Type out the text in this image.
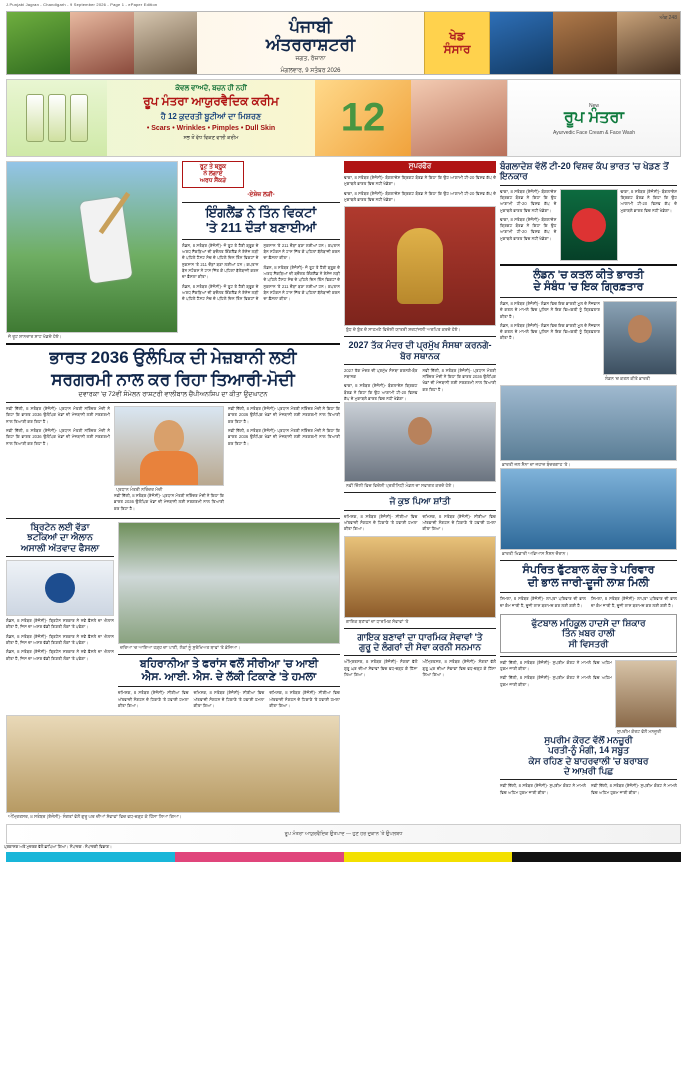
J.Punjabi Jagran - Chandigarh - 9 September 2026 - Page 1 - ePaper Edition
ਪੰਜਾਬੀ
ਅੰਤਰਰਾਸ਼ਟਰੀ
ਜਗਤ, ਰੋਜ਼ਾਨਾ
ਮੰਗਲਵਾਰ, 9 ਸਤੰਬਰ 2026
ਖੇਡ
ਸੰਸਾਰ
ਅੰਕ 248
ਕੇਵਲ ਵਾਅਦੇ, ਬਚਨ ਹੀ ਨਹੀਂ
ਰੂਪ ਮੰਤਰਾ ਆਯੁਰਵੈਦਿਕ ਕਰੀਮ
ਹੈ 12 ਕੁਦਰਤੀ ਬੂਟੀਆਂ ਦਾ ਮਿਸ਼ਰਣ
• Scars • Wrinkles • Pimples • Dull Skin
ਸਭ ਤੋਂ ਵੱਧ ਵਿਕਣ ਵਾਲੀ ਕਰੀਮ	12	New
ਰੂਪ ਮੰਤਰਾ
Ayurvedic Face Cream & Face Wash
ਜੋ ਰੂਟ ਸ਼ਾਨਦਾਰ ਸ਼ਾਟ ਖੇਡਦੇ ਹੋਏ।
ਰੂਟ ਤੇ ਬ੍ਰੂਕ
ਨੇ ਲਗਾਏ
ਅਰਧ ਸੈਂਕੜੇ
-ਏਸ਼ੇਜ਼ ਲੜੀ-
ਇੰਗਲੈਂਡ ਨੇ ਤਿੰਨ ਵਿਕਟਾਂ
'ਤੇ 211 ਦੌੜਾਂ ਬਣਾਈਆਂ

ਲੰਡਨ, 8 ਸਤੰਬਰ (ਏਜੰਸੀ)- ਜੋ ਰੂਟ ਤੇ ਹੈਰੀ ਬ੍ਰੂਕ ਦੇ ਅਰਧ ਸੈਂਕੜਿਆਂ ਦੀ ਬਦੌਲਤ ਇੰਗਲੈਂਡ ਨੇ ਏਸ਼ੇਜ਼ ਲੜੀ ਦੇ ਪਹਿਲੇ ਟੈਸਟ ਮੈਚ ਦੇ ਪਹਿਲੇ ਦਿਨ ਤਿੰਨ ਵਿਕਟਾਂ ਦੇ ਨੁਕਸਾਨ 'ਤੇ 211 ਦੌੜਾਂ ਬਣਾ ਲਈਆਂ ਹਨ। ਕਪਤਾਨ ਬੇਨ ਸਟੋਕਸ ਨੇ ਟਾਸ ਜਿੱਤ ਕੇ ਪਹਿਲਾਂ ਬੱਲੇਬਾਜ਼ੀ ਕਰਨ ਦਾ ਫ਼ੈਸਲਾ ਕੀਤਾ।

ਲੰਡਨ, 8 ਸਤੰਬਰ (ਏਜੰਸੀ)- ਜੋ ਰੂਟ ਤੇ ਹੈਰੀ ਬ੍ਰੂਕ ਦੇ ਅਰਧ ਸੈਂਕੜਿਆਂ ਦੀ ਬਦੌਲਤ ਇੰਗਲੈਂਡ ਨੇ ਏਸ਼ੇਜ਼ ਲੜੀ ਦੇ ਪਹਿਲੇ ਟੈਸਟ ਮੈਚ ਦੇ ਪਹਿਲੇ ਦਿਨ ਤਿੰਨ ਵਿਕਟਾਂ ਦੇ ਨੁਕਸਾਨ 'ਤੇ 211 ਦੌੜਾਂ ਬਣਾ ਲਈਆਂ ਹਨ। ਕਪਤਾਨ ਬੇਨ ਸਟੋਕਸ ਨੇ ਟਾਸ ਜਿੱਤ ਕੇ ਪਹਿਲਾਂ ਬੱਲੇਬਾਜ਼ੀ ਕਰਨ ਦਾ ਫ਼ੈਸਲਾ ਕੀਤਾ।

ਲੰਡਨ, 8 ਸਤੰਬਰ (ਏਜੰਸੀ)- ਜੋ ਰੂਟ ਤੇ ਹੈਰੀ ਬ੍ਰੂਕ ਦੇ ਅਰਧ ਸੈਂਕੜਿਆਂ ਦੀ ਬਦੌਲਤ ਇੰਗਲੈਂਡ ਨੇ ਏਸ਼ੇਜ਼ ਲੜੀ ਦੇ ਪਹਿਲੇ ਟੈਸਟ ਮੈਚ ਦੇ ਪਹਿਲੇ ਦਿਨ ਤਿੰਨ ਵਿਕਟਾਂ ਦੇ ਨੁਕਸਾਨ 'ਤੇ 211 ਦੌੜਾਂ ਬਣਾ ਲਈਆਂ ਹਨ। ਕਪਤਾਨ ਬੇਨ ਸਟੋਕਸ ਨੇ ਟਾਸ ਜਿੱਤ ਕੇ ਪਹਿਲਾਂ ਬੱਲੇਬਾਜ਼ੀ ਕਰਨ ਦਾ ਫ਼ੈਸਲਾ ਕੀਤਾ।

ਭਾਰਤ 2036 ਉਲੰਪਿਕ ਦੀ ਮੇਜ਼ਬਾਨੀ ਲਈ
ਸਰਗਰਮੀ ਨਾਲ ਕਰ ਰਿਹਾ ਤਿਆਰੀ-ਮੋਦੀ
ਦਵਾਰਕਾ 'ਚ 72ਵੀਂ ਸੰਮੇਲਨ ਰਾਸ਼ਟਰੀ ਵਾਲੀਬਾਲ ਚੈਂਪੀਅਨਸ਼ਿਪ ਦਾ ਕੀਤਾ ਉਦਘਾਟਨ

ਨਵੀਂ ਦਿੱਲੀ, 8 ਸਤੰਬਰ (ਏਜੰਸੀ)- ਪ੍ਰਧਾਨ ਮੰਤਰੀ ਨਰਿੰਦਰ ਮੋਦੀ ਨੇ ਕਿਹਾ ਕਿ ਭਾਰਤ 2036 ਉਲੰਪਿਕ ਖੇਡਾਂ ਦੀ ਮੇਜ਼ਬਾਨੀ ਲਈ ਸਰਗਰਮੀ ਨਾਲ ਤਿਆਰੀ ਕਰ ਰਿਹਾ ਹੈ।

ਨਵੀਂ ਦਿੱਲੀ, 8 ਸਤੰਬਰ (ਏਜੰਸੀ)- ਪ੍ਰਧਾਨ ਮੰਤਰੀ ਨਰਿੰਦਰ ਮੋਦੀ ਨੇ ਕਿਹਾ ਕਿ ਭਾਰਤ 2036 ਉਲੰਪਿਕ ਖੇਡਾਂ ਦੀ ਮੇਜ਼ਬਾਨੀ ਲਈ ਸਰਗਰਮੀ ਨਾਲ ਤਿਆਰੀ ਕਰ ਰਿਹਾ ਹੈ।

ਪ੍ਰਧਾਨ ਮੰਤਰੀ ਨਰਿੰਦਰ ਮੋਦੀ

ਨਵੀਂ ਦਿੱਲੀ, 8 ਸਤੰਬਰ (ਏਜੰਸੀ)- ਪ੍ਰਧਾਨ ਮੰਤਰੀ ਨਰਿੰਦਰ ਮੋਦੀ ਨੇ ਕਿਹਾ ਕਿ ਭਾਰਤ 2036 ਉਲੰਪਿਕ ਖੇਡਾਂ ਦੀ ਮੇਜ਼ਬਾਨੀ ਲਈ ਸਰਗਰਮੀ ਨਾਲ ਤਿਆਰੀ ਕਰ ਰਿਹਾ ਹੈ।

ਨਵੀਂ ਦਿੱਲੀ, 8 ਸਤੰਬਰ (ਏਜੰਸੀ)- ਪ੍ਰਧਾਨ ਮੰਤਰੀ ਨਰਿੰਦਰ ਮੋਦੀ ਨੇ ਕਿਹਾ ਕਿ ਭਾਰਤ 2036 ਉਲੰਪਿਕ ਖੇਡਾਂ ਦੀ ਮੇਜ਼ਬਾਨੀ ਲਈ ਸਰਗਰਮੀ ਨਾਲ ਤਿਆਰੀ ਕਰ ਰਿਹਾ ਹੈ।

ਨਵੀਂ ਦਿੱਲੀ, 8 ਸਤੰਬਰ (ਏਜੰਸੀ)- ਪ੍ਰਧਾਨ ਮੰਤਰੀ ਨਰਿੰਦਰ ਮੋਦੀ ਨੇ ਕਿਹਾ ਕਿ ਭਾਰਤ 2036 ਉਲੰਪਿਕ ਖੇਡਾਂ ਦੀ ਮੇਜ਼ਬਾਨੀ ਲਈ ਸਰਗਰਮੀ ਨਾਲ ਤਿਆਰੀ ਕਰ ਰਿਹਾ ਹੈ।

ਬ੍ਰਿਟੇਨ ਲਈ ਵੱਡਾ
ਝਟਕਿਆਂ ਦਾ ਐਲਾਨ
ਅਸਾਲੀ ਅੱਤਵਾਦ ਫੈਸਲਾ

ਲੰਡਨ, 8 ਸਤੰਬਰ (ਏਜੰਸੀ)- ਬ੍ਰਿਟੇਨ ਸਰਕਾਰ ਨੇ ਨਵੇਂ ਫ਼ੈਸਲੇ ਦਾ ਐਲਾਨ ਕੀਤਾ ਹੈ, ਜਿਸ ਦਾ ਅਸਰ ਵੱਡੀ ਗਿਣਤੀ ਲੋਕਾਂ 'ਤੇ ਪਵੇਗਾ।

ਲੰਡਨ, 8 ਸਤੰਬਰ (ਏਜੰਸੀ)- ਬ੍ਰਿਟੇਨ ਸਰਕਾਰ ਨੇ ਨਵੇਂ ਫ਼ੈਸਲੇ ਦਾ ਐਲਾਨ ਕੀਤਾ ਹੈ, ਜਿਸ ਦਾ ਅਸਰ ਵੱਡੀ ਗਿਣਤੀ ਲੋਕਾਂ 'ਤੇ ਪਵੇਗਾ।

ਲੰਡਨ, 8 ਸਤੰਬਰ (ਏਜੰਸੀ)- ਬ੍ਰਿਟੇਨ ਸਰਕਾਰ ਨੇ ਨਵੇਂ ਫ਼ੈਸਲੇ ਦਾ ਐਲਾਨ ਕੀਤਾ ਹੈ, ਜਿਸ ਦਾ ਅਸਰ ਵੱਡੀ ਗਿਣਤੀ ਲੋਕਾਂ 'ਤੇ ਪਵੇਗਾ।

ਦਰਿਆ 'ਚ ਆਇਆ ਹੜ੍ਹ ਦਾ ਪਾਣੀ, ਲੋਕਾਂ ਨੂੰ ਸੁਰੱਖਿਅਤ ਥਾਵਾਂ 'ਤੇ ਭੇਜਿਆ।
ਬਹਿਰਾਨੀਆ ਤੇ ਫਰਾਂਸ ਵਲੋਂ ਸੀਰੀਆ 'ਚ ਆਈ
ਐਸ. ਆਈ. ਐਸ. ਦੇ ਲੱਕੀ ਟਿਕਾਣੇ 'ਤੇ ਹਮਲਾ

ਦਮਿਸ਼ਕ, 8 ਸਤੰਬਰ (ਏਜੰਸੀ)- ਸੀਰੀਆ ਵਿਚ ਅੱਤਵਾਦੀ ਸੰਗਠਨ ਦੇ ਟਿਕਾਣੇ 'ਤੇ ਹਵਾਈ ਹਮਲਾ ਕੀਤਾ ਗਿਆ।

ਦਮਿਸ਼ਕ, 8 ਸਤੰਬਰ (ਏਜੰਸੀ)- ਸੀਰੀਆ ਵਿਚ ਅੱਤਵਾਦੀ ਸੰਗਠਨ ਦੇ ਟਿਕਾਣੇ 'ਤੇ ਹਵਾਈ ਹਮਲਾ ਕੀਤਾ ਗਿਆ।

ਦਮਿਸ਼ਕ, 8 ਸਤੰਬਰ (ਏਜੰਸੀ)- ਸੀਰੀਆ ਵਿਚ ਅੱਤਵਾਦੀ ਸੰਗਠਨ ਦੇ ਟਿਕਾਣੇ 'ਤੇ ਹਵਾਈ ਹਮਲਾ ਕੀਤਾ ਗਿਆ।

ਅੰਮ੍ਰਿਤਸਰ, 8 ਸਤੰਬਰ (ਏਜੰਸੀ)- ਸੰਗਤਾਂ ਵੱਲੋਂ ਗੁਰੂ ਘਰ ਦੀਆਂ ਸੇਵਾਵਾਂ ਵਿਚ ਵਧ-ਚੜ੍ਹ ਕੇ ਹਿੱਸਾ ਲਿਆ ਗਿਆ।
ਸੁਪਰਫੋਰ

ਢਾਕਾ, 8 ਸਤੰਬਰ (ਏਜੰਸੀ)- ਬੰਗਲਾਦੇਸ਼ ਕ੍ਰਿਕਟ ਬੋਰਡ ਨੇ ਕਿਹਾ ਕਿ ਉਹ ਆਗਾਮੀ ਟੀ-20 ਵਿਸ਼ਵ ਕੱਪ ਦੇ ਮੁਕਾਬਲੇ ਭਾਰਤ ਵਿਚ ਨਹੀਂ ਖੇਡੇਗਾ।

ਢਾਕਾ, 8 ਸਤੰਬਰ (ਏਜੰਸੀ)- ਬੰਗਲਾਦੇਸ਼ ਕ੍ਰਿਕਟ ਬੋਰਡ ਨੇ ਕਿਹਾ ਕਿ ਉਹ ਆਗਾਮੀ ਟੀ-20 ਵਿਸ਼ਵ ਕੱਪ ਦੇ ਮੁਕਾਬਲੇ ਭਾਰਤ ਵਿਚ ਨਹੀਂ ਖੇਡੇਗਾ।

ਬੁੱਧ ਦੇ ਬੁੱਤ ਦੇ ਸਾਹਮਣੇ ਵਿਦੇਸ਼ੀ ਯਾਤਰੀ ਸ਼ਰਧਾਂਜਲੀ ਅਰਪਿਤ ਕਰਦੇ ਹੋਏ।
2027 ਤੱਕ ਮੰਦਰ ਦੀ ਪ੍ਰਮੁੱਖ ਸੰਸਥਾ ਕਰਨਗੇ-ਬੋਰ ਸਥਾਨਕ

2027 ਤੱਕ ਮੰਦਰ ਦੀ ਪ੍ਰਮੁੱਖ ਸੰਸਥਾ ਕਰਨਗੇ-ਬੋਰ ਸਥਾਨਕ

ਢਾਕਾ, 8 ਸਤੰਬਰ (ਏਜੰਸੀ)- ਬੰਗਲਾਦੇਸ਼ ਕ੍ਰਿਕਟ ਬੋਰਡ ਨੇ ਕਿਹਾ ਕਿ ਉਹ ਆਗਾਮੀ ਟੀ-20 ਵਿਸ਼ਵ ਕੱਪ ਦੇ ਮੁਕਾਬਲੇ ਭਾਰਤ ਵਿਚ ਨਹੀਂ ਖੇਡੇਗਾ।

ਨਵੀਂ ਦਿੱਲੀ, 8 ਸਤੰਬਰ (ਏਜੰਸੀ)- ਪ੍ਰਧਾਨ ਮੰਤਰੀ ਨਰਿੰਦਰ ਮੋਦੀ ਨੇ ਕਿਹਾ ਕਿ ਭਾਰਤ 2036 ਉਲੰਪਿਕ ਖੇਡਾਂ ਦੀ ਮੇਜ਼ਬਾਨੀ ਲਈ ਸਰਗਰਮੀ ਨਾਲ ਤਿਆਰੀ ਕਰ ਰਿਹਾ ਹੈ।

ਨਵੀਂ ਦਿੱਲੀ ਵਿਚ ਵਿਦੇਸ਼ੀ ਪ੍ਰਤੀਨਿਧੀ ਮੰਡਲ ਦਾ ਸਵਾਗਤ ਕਰਦੇ ਹੋਏ।
ਜੋ ਕੁਝ ਪਿਆ ਸ਼ਾਂਤੀ

ਦਮਿਸ਼ਕ, 8 ਸਤੰਬਰ (ਏਜੰਸੀ)- ਸੀਰੀਆ ਵਿਚ ਅੱਤਵਾਦੀ ਸੰਗਠਨ ਦੇ ਟਿਕਾਣੇ 'ਤੇ ਹਵਾਈ ਹਮਲਾ ਕੀਤਾ ਗਿਆ।

ਦਮਿਸ਼ਕ, 8 ਸਤੰਬਰ (ਏਜੰਸੀ)- ਸੀਰੀਆ ਵਿਚ ਅੱਤਵਾਦੀ ਸੰਗਠਨ ਦੇ ਟਿਕਾਣੇ 'ਤੇ ਹਵਾਈ ਹਮਲਾ ਕੀਤਾ ਗਿਆ।

ਗਾਇਕ ਬਣਾਵਾਂ ਦਾ ਧਾਰਮਿਕ ਸੇਵਾਵਾਂ 'ਤੇ
ਗਾਇਕ ਬਣਾਵਾਂ ਦਾ ਧਾਰਮਿਕ ਸੇਵਾਵਾਂ 'ਤੇ
ਗੁਰੂ ਦੇ ਲੰਗਰਾਂ ਦੀ ਸੇਵਾ ਕਰਨੀ ਸਨਮਾਨ

ਅੰਮ੍ਰਿਤਸਰ, 8 ਸਤੰਬਰ (ਏਜੰਸੀ)- ਸੰਗਤਾਂ ਵੱਲੋਂ ਗੁਰੂ ਘਰ ਦੀਆਂ ਸੇਵਾਵਾਂ ਵਿਚ ਵਧ-ਚੜ੍ਹ ਕੇ ਹਿੱਸਾ ਲਿਆ ਗਿਆ।

ਅੰਮ੍ਰਿਤਸਰ, 8 ਸਤੰਬਰ (ਏਜੰਸੀ)- ਸੰਗਤਾਂ ਵੱਲੋਂ ਗੁਰੂ ਘਰ ਦੀਆਂ ਸੇਵਾਵਾਂ ਵਿਚ ਵਧ-ਚੜ੍ਹ ਕੇ ਹਿੱਸਾ ਲਿਆ ਗਿਆ।

ਬੰਗਲਾਦੇਸ਼ ਵੱਲੋਂ ਟੀ-20 ਵਿਸ਼ਵ ਕੱਪ ਭਾਰਤ 'ਚ ਖੇਡਣ ਤੋਂ ਇਨਕਾਰ

ਢਾਕਾ, 8 ਸਤੰਬਰ (ਏਜੰਸੀ)- ਬੰਗਲਾਦੇਸ਼ ਕ੍ਰਿਕਟ ਬੋਰਡ ਨੇ ਕਿਹਾ ਕਿ ਉਹ ਆਗਾਮੀ ਟੀ-20 ਵਿਸ਼ਵ ਕੱਪ ਦੇ ਮੁਕਾਬਲੇ ਭਾਰਤ ਵਿਚ ਨਹੀਂ ਖੇਡੇਗਾ।

ਢਾਕਾ, 8 ਸਤੰਬਰ (ਏਜੰਸੀ)- ਬੰਗਲਾਦੇਸ਼ ਕ੍ਰਿਕਟ ਬੋਰਡ ਨੇ ਕਿਹਾ ਕਿ ਉਹ ਆਗਾਮੀ ਟੀ-20 ਵਿਸ਼ਵ ਕੱਪ ਦੇ ਮੁਕਾਬਲੇ ਭਾਰਤ ਵਿਚ ਨਹੀਂ ਖੇਡੇਗਾ।

ਢਾਕਾ, 8 ਸਤੰਬਰ (ਏਜੰਸੀ)- ਬੰਗਲਾਦੇਸ਼ ਕ੍ਰਿਕਟ ਬੋਰਡ ਨੇ ਕਿਹਾ ਕਿ ਉਹ ਆਗਾਮੀ ਟੀ-20 ਵਿਸ਼ਵ ਕੱਪ ਦੇ ਮੁਕਾਬਲੇ ਭਾਰਤ ਵਿਚ ਨਹੀਂ ਖੇਡੇਗਾ।

ਲੰਡਨ 'ਚ ਕਤਲ ਕੀਤੇ ਭਾਰਤੀ
ਦੇ ਸੰਬੰਧ 'ਚ ਇਕ ਗ੍ਰਿਫ਼ਤਾਰ

ਲੰਡਨ, 8 ਸਤੰਬਰ (ਏਜੰਸੀ)- ਲੰਡਨ ਵਿਚ ਇਕ ਭਾਰਤੀ ਮੂਲ ਦੇ ਨੌਜਵਾਨ ਦੇ ਕਤਲ ਦੇ ਮਾਮਲੇ ਵਿਚ ਪੁਲਿਸ ਨੇ ਇਕ ਵਿਅਕਤੀ ਨੂੰ ਗ੍ਰਿਫ਼ਤਾਰ ਕੀਤਾ ਹੈ।

ਲੰਡਨ, 8 ਸਤੰਬਰ (ਏਜੰਸੀ)- ਲੰਡਨ ਵਿਚ ਇਕ ਭਾਰਤੀ ਮੂਲ ਦੇ ਨੌਜਵਾਨ ਦੇ ਕਤਲ ਦੇ ਮਾਮਲੇ ਵਿਚ ਪੁਲਿਸ ਨੇ ਇਕ ਵਿਅਕਤੀ ਨੂੰ ਗ੍ਰਿਫ਼ਤਾਰ ਕੀਤਾ ਹੈ।

ਲੰਡਨ 'ਚ ਕਤਲ ਕੀਤੇ ਭਾਰਤੀ
ਭਾਰਤੀ ਜਲ ਸੈਨਾ ਦਾ ਜਹਾਜ਼ ਬੰਦਰਗਾਹ 'ਤੇ।
ਭਾਰਤੀ ਖਿਡਾਰੀ ਅਭਿਆਸ ਸੈਸ਼ਨ ਦੌਰਾਨ।
ਸੰਪਰਿਤ ਫੁੱਟਬਾਲ ਕੋਚ ਤੇ ਪਰਿਵਾਰ
ਦੀ ਭਾਲ ਜਾਰੀ-ਦੂਜੀ ਲਾਸ਼ ਮਿਲੀ

ਸ਼ਿਮਲਾ, 8 ਸਤੰਬਰ (ਏਜੰਸੀ)- ਲਾਪਤਾ ਪਰਿਵਾਰ ਦੀ ਭਾਲ ਦਾ ਕੰਮ ਜਾਰੀ ਹੈ, ਦੂਜੀ ਲਾਸ਼ ਬਰਾਮਦ ਕਰ ਲਈ ਗਈ ਹੈ।

ਸ਼ਿਮਲਾ, 8 ਸਤੰਬਰ (ਏਜੰਸੀ)- ਲਾਪਤਾ ਪਰਿਵਾਰ ਦੀ ਭਾਲ ਦਾ ਕੰਮ ਜਾਰੀ ਹੈ, ਦੂਜੀ ਲਾਸ਼ ਬਰਾਮਦ ਕਰ ਲਈ ਗਈ ਹੈ।

ਫੁੱਟਬਾਲ ਮਹਿਕੂਲ ਹਾਦਸੇ ਦਾ ਸ਼ਿਕਾਰ
ਤਿੰਨ ਖ਼ਬਰ ਹਾਲੀ
ਸੀ ਵਿਸਤਰੀ

ਨਵੀਂ ਦਿੱਲੀ, 8 ਸਤੰਬਰ (ਏਜੰਸੀ)- ਸੁਪਰੀਮ ਕੋਰਟ ਨੇ ਮਾਮਲੇ ਵਿਚ ਅਹਿਮ ਹੁਕਮ ਜਾਰੀ ਕੀਤਾ।

ਨਵੀਂ ਦਿੱਲੀ, 8 ਸਤੰਬਰ (ਏਜੰਸੀ)- ਸੁਪਰੀਮ ਕੋਰਟ ਨੇ ਮਾਮਲੇ ਵਿਚ ਅਹਿਮ ਹੁਕਮ ਜਾਰੀ ਕੀਤਾ।

ਸੁਪਰੀਮ ਕੋਰਟ ਵੱਲੋਂ ਮਨਜ਼ੂਰੀ
ਸੁਪਰੀਮ ਕੋਰਟ ਵੱਲੋਂ ਮਨਜ਼ੂਰੀ
ਪਰਤੀ-ਨੂੰ ਮੰਗੀ, 14 ਸਬੂਤ
ਕੇਸ ਰਹਿਣ ਦੇ ਬਾਹਰਵਾਲੀ 'ਚ ਬਰਾਬਰ
ਦੇ ਆਖ਼ਰੀ ਪਿਛ

ਨਵੀਂ ਦਿੱਲੀ, 8 ਸਤੰਬਰ (ਏਜੰਸੀ)- ਸੁਪਰੀਮ ਕੋਰਟ ਨੇ ਮਾਮਲੇ ਵਿਚ ਅਹਿਮ ਹੁਕਮ ਜਾਰੀ ਕੀਤਾ।

ਨਵੀਂ ਦਿੱਲੀ, 8 ਸਤੰਬਰ (ਏਜੰਸੀ)- ਸੁਪਰੀਮ ਕੋਰਟ ਨੇ ਮਾਮਲੇ ਵਿਚ ਅਹਿਮ ਹੁਕਮ ਜਾਰੀ ਕੀਤਾ।

ਰੂਪ ਮੰਤਰਾ ਆਯੁਰਵੈਦਿਕ ਉਤਪਾਦ — ਹੁਣ ਹਰ ਦੁਕਾਨ 'ਤੇ ਉਪਲਬਧ
ਪ੍ਰਕਾਸ਼ਕ ਅਤੇ ਮੁਦਰਕ ਵੱਲੋਂ ਛਾਪਿਆ ਗਿਆ। ਸੰਪਾਦਕ : ਸੰਪਾਦਕੀ ਵਿਭਾਗ।
